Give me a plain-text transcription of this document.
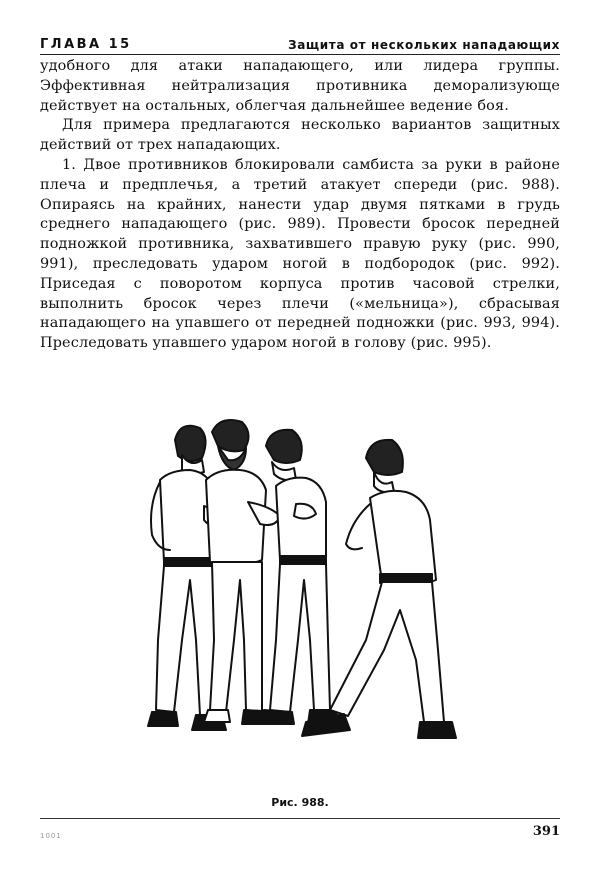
ГЛАВА 15	Защита от нескольких нападающих

удобного для атаки нападающего, или лидера группы. Эффективная нейтрализация противника деморализующе действует на остальных, облегчая дальнейшее ведение боя.

Для примера предлагаются несколько вариантов защитных действий от трех нападающих.

1. Двое противников блокировали самбиста за руки в районе плеча и предплечья, а третий атакует спереди (рис. 988). Опираясь на крайних, нанести удар двумя пятками в грудь среднего нападающего (рис. 989). Провести бросок передней подножкой противника, захватившего правую руку (рис. 990, 991), преследовать ударом ногой в подбородок (рис. 992). Приседая с поворотом корпуса против часовой стрелки, выполнить бросок через плечи («мельница»), сбрасывая нападающего на упавшего от передней подножки (рис. 993, 994). Преследовать упавшего ударом ногой в голову (рис. 995).

Рис. 988.
1001	391
